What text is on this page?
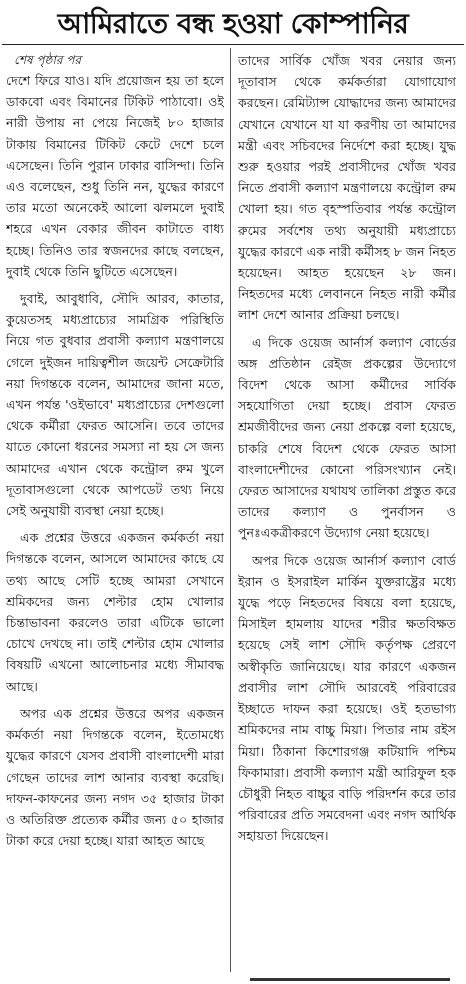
আমিরাতে বন্ধ হওয়া কোম্পানির
শেষ পৃষ্ঠার পর

দেশে ফিরে যাও। যদি প্রয়োজন হয় তা হলে ডাকবো এবং বিমানের টিকিট পাঠাবো। ওই নারী উপায় না পেয়ে নিজেই ৮০ হাজার টাকায় বিমানের টিকিট কেটে দেশে চলে এসেছেন। তিনি পুরান ঢাকার বাসিন্দা। তিনি এও বলেছেন, শুধু তিনি নন, যুদ্ধের কারণে তার মতো অনেকেই আলো ঝলমলে দুবাই শহরে এখন বেকার জীবন কাটাতে বাধ্য হচ্ছে। তিনিও তার স্বজনদের কাছে বলছেন, দুবাই থেকে তিনি ছুটিতে এসেছেন।

দুবাই, আবুধাবি, সৌদি আরব, কাতার, কুয়েতসহ মধ্যপ্রাচ্যের সামগ্রিক পরিস্থিতি নিয়ে গত বুধবার প্রবাসী কল্যাণ মন্ত্রণালয়ে গেলে দুইজন দায়িত্বশীল জয়েন্ট সেক্রেটারি নয়া দিগন্তকে বলেন, আমাদের জানা মতে, এখন পর্যন্ত 'ওইভাবে' মধ্যপ্রাচ্যের দেশগুলো থেকে কর্মীরা ফেরত আসেনি। তবে তাদের যাতে কোনো ধরনের সমস্যা না হয় সে জন্য আমাদের এখান থেকে কন্ট্রোল রুম খুলে দূতাবাসগুলো থেকে আপডেট তথ্য নিয়ে সেই অনুযায়ী ব্যবস্থা নেয়া হচ্ছে।

এক প্রশ্নের উত্তরে একজন কর্মকর্তা নয়া দিগন্তকে বলেন, আসলে আমাদের কাছে যে তথ্য আছে সেটি হচ্ছে আমরা সেখানে শ্রমিকদের জন্য শেল্টার হোম খোলার চিন্তাভাবনা করলেও তারা এটিকে ভালো চোখে দেখছে না। তাই শেল্টার হোম খোলার বিষয়টি এখনো আলোচনার মধ্যে সীমাবদ্ধ আছে।

অপর এক প্রশ্নের উত্তরে অপর একজন কর্মকর্তা নয়া দিগন্তকে বলেন, ইতোমধ্যে যুদ্ধের কারণে যেসব প্রবাসী বাংলাদেশী মারা গেছেন তাদের লাশ আনার ব্যবস্থা করেছি। দাফন-কাফনের জন্য নগদ ৩৫ হাজার টাকা ও অতিরিক্ত প্রত্যেক কর্মীর জন্য ৫০ হাজার টাকা করে দেয়া হচ্ছে। যারা আহত আছে

তাদের সার্বিক খোঁজ খবর নেয়ার জন্য দূতাবাস থেকে কর্মকর্তারা যোগাযোগ করছেন। রেমিট্যান্স যোদ্ধাদের জন্য আমাদের যেখানে যেখানে যা যা করণীয় তা আমাদের মন্ত্রী এবং সচিবদের নির্দেশে করা হচ্ছে। যুদ্ধ শুরু হওয়ার পরই প্রবাসীদের খোঁজ খবর নিতে প্রবাসী কল্যাণ মন্ত্রণালয়ে কন্ট্রোল রুম খোলা হয়। গত বৃহস্পতিবার পর্যন্ত কন্ট্রোল রুমের সর্বশেষ তথ্য অনুযায়ী মধ্যপ্রাচ্যে যুদ্ধের কারণে এক নারী কর্মীসহ ৮ জন নিহত হয়েছেন। আহত হয়েছেন ২৮ জন। নিহতদের মধ্যে লেবাননে নিহত নারী কর্মীর লাশ দেশে আনার প্রক্রিয়া চলছে।

এ দিকে ওয়েজ আর্নার্স কল্যাণ বোর্ডের অঙ্গ প্রতিষ্ঠান রেইজ প্রকল্পের উদ্যোগে বিদেশ থেকে আসা কর্মীদের সার্বিক সহযোগিতা দেয়া হচ্ছে। প্রবাস ফেরত শ্রমজীবীদের জন্য নেয়া প্রকল্পে বলা হয়েছে, চাকরি শেষে বিদেশ থেকে ফেরত আসা বাংলাদেশীদের কোনো পরিসংখ্যান নেই। ফেরত আসাদের যথাযথ তালিকা প্রস্তুত করে তাদের কল্যাণ ও পুনর্বাসন ও পুনঃএকত্রীকরণে উদ্যোগ নেয়া হয়েছে।

অপর দিকে ওয়েজ আর্নার্স কল্যাণ বোর্ড ইরান ও ইসরাইল মার্কিন যুক্তরাষ্ট্রের মধ্যে যুদ্ধে পড়ে নিহতদের বিষয়ে বলা হয়েছে, মিসাইল হামলায় যাদের শরীর ক্ষতবিক্ষত হয়েছে সেই লাশ সৌদি কর্তৃপক্ষ প্রেরণে অস্বীকৃতি জানিয়েছে। যার কারণে একজন প্রবাসীর লাশ সৌদি আরবেই পরিবারের ইচ্ছাতে দাফন করা হয়েছে। ওই হতভাগ্য শ্রমিকদের নাম বাচ্চু মিয়া। পিতার নাম রইস মিয়া। ঠিকানা কিশোরগঞ্জ কটিয়াদি পশ্চিম ফিকামারা। প্রবাসী কল্যাণ মন্ত্রী আরিফুল হক চৌধুরী নিহত বাচ্চুর বাড়ি পরিদর্শন করে তার পরিবারের প্রতি সমবেদনা এবং নগদ আর্থিক সহায়তা দিয়েছেন।
